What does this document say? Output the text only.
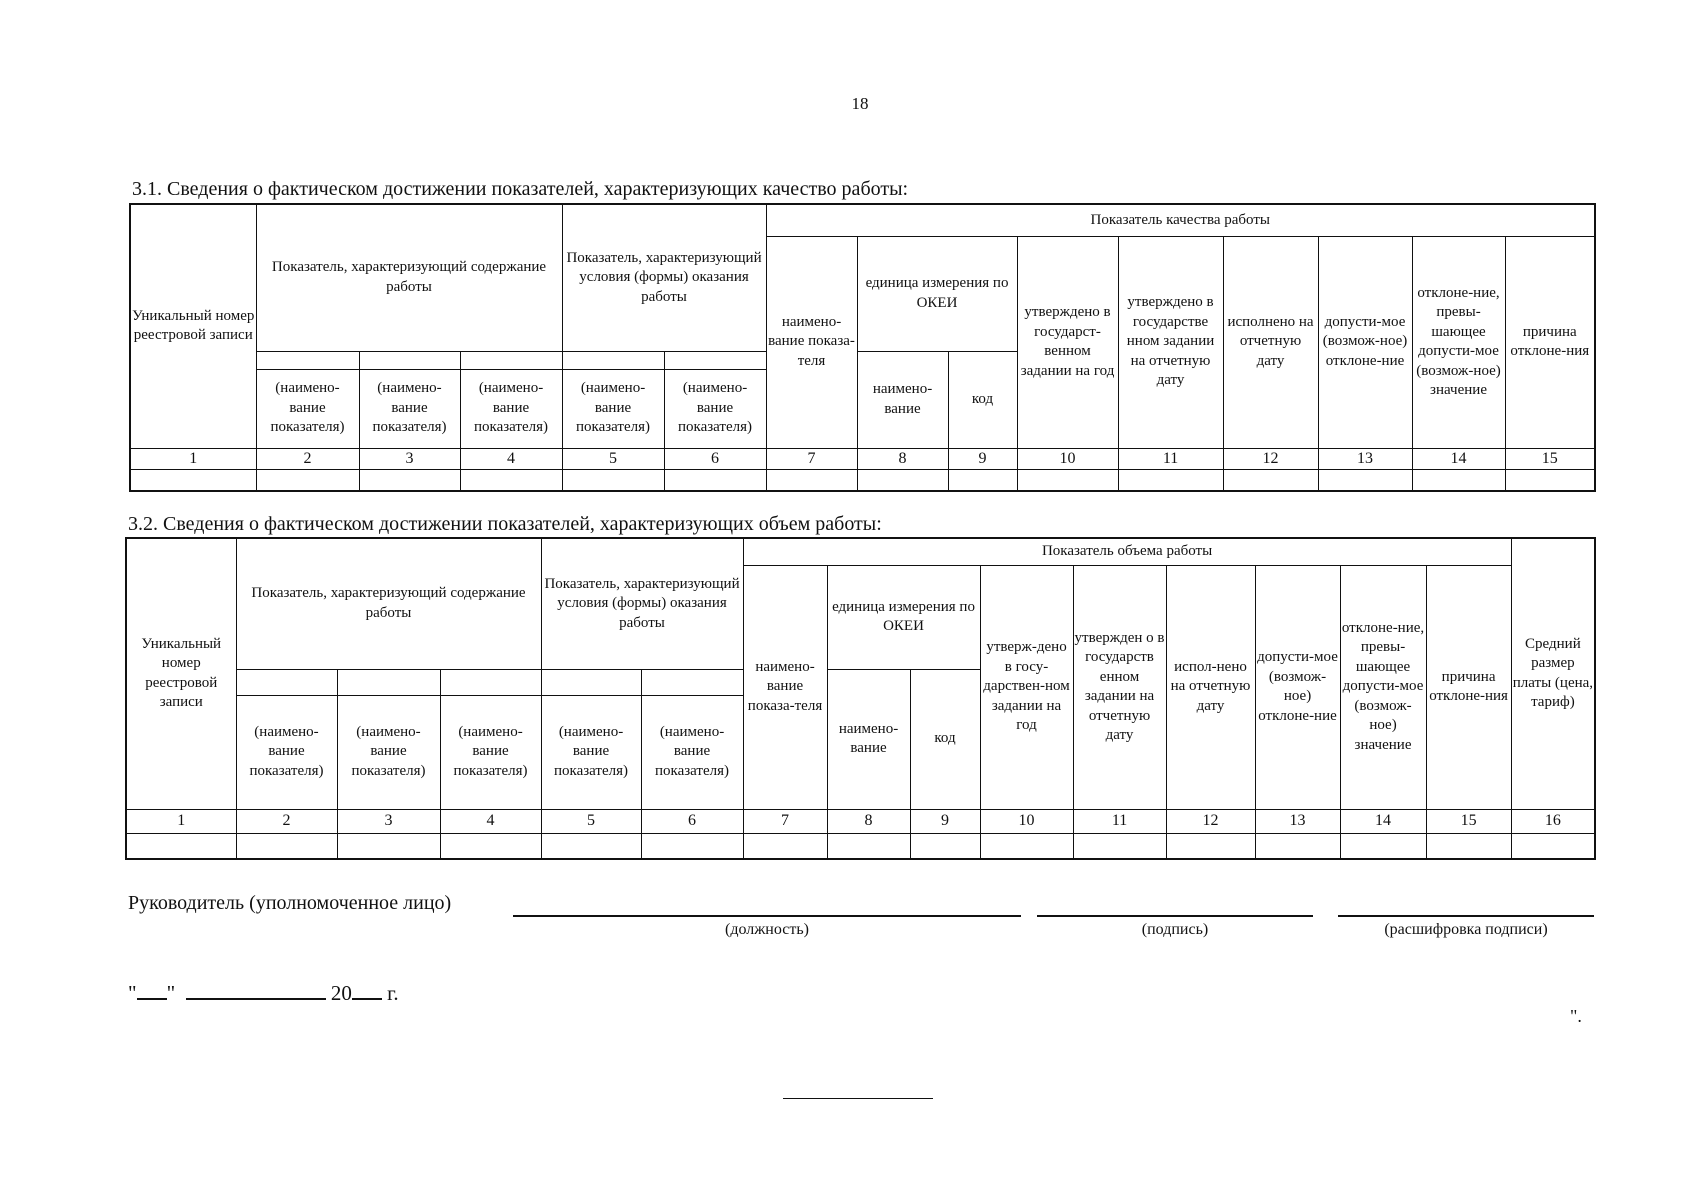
18
3.1. Сведения о фактическом достижении показателей, характеризующих качество работы:
Уникальный номер реестровой записи	Показатель, характеризующий содержание работы			Показатель, характеризующий условия (формы) оказания работы		Показатель качества работы								
						наимено-вание показа-теля	единица измерения по ОКЕИ		утверждено в государст-венном задании на год	утверждено в государстве нном задании на отчетную дату	исполнено на отчетную дату	допусти-мое (возмож-ное) отклоне-ние	отклоне-ние, превы-шающее допусти-мое (возмож-ное) значение	причина отклоне-ния
							наимено-вание	код						
	(наимено-вание показателя)	(наимено-вание показателя)	(наимено-вание показателя)	(наимено-вание показателя)	(наимено-вание показателя)									
1	2	3	4	5	6	7	8	9	10	11	12	13	14	15

3.2. Сведения о фактическом достижении показателей, характеризующих объем работы:
Уникальный номер реестровой записи	Показатель, характеризующий содержание работы			Показатель, характеризующий условия (формы) оказания работы		Показатель объема работы									Средний размер платы (цена, тариф)
						наимено-вание показа-теля	единица измерения по ОКЕИ		утверж-дено в госу-дарствен-ном задании на год	утвержден о в государств енном задании на отчетную дату	испол-нено на отчетную дату	допусти-мое (возмож-ное) отклоне-ние	отклоне-ние, превы-шающее допусти-мое (возмож-ное) значение	причина отклоне-ния	
							наимено-вание	код							
	(наимено-вание показателя)	(наимено-вание показателя)	(наимено-вание показателя)	(наимено-вание показателя)	(наимено-вание показателя)										
1	2	3	4	5	6	7	8	9	10	11	12	13	14	15	16

Руководитель (уполномоченное лицо)
(должность)	(подпись)	(расшифровка подписи)
" "	20 г.
".
